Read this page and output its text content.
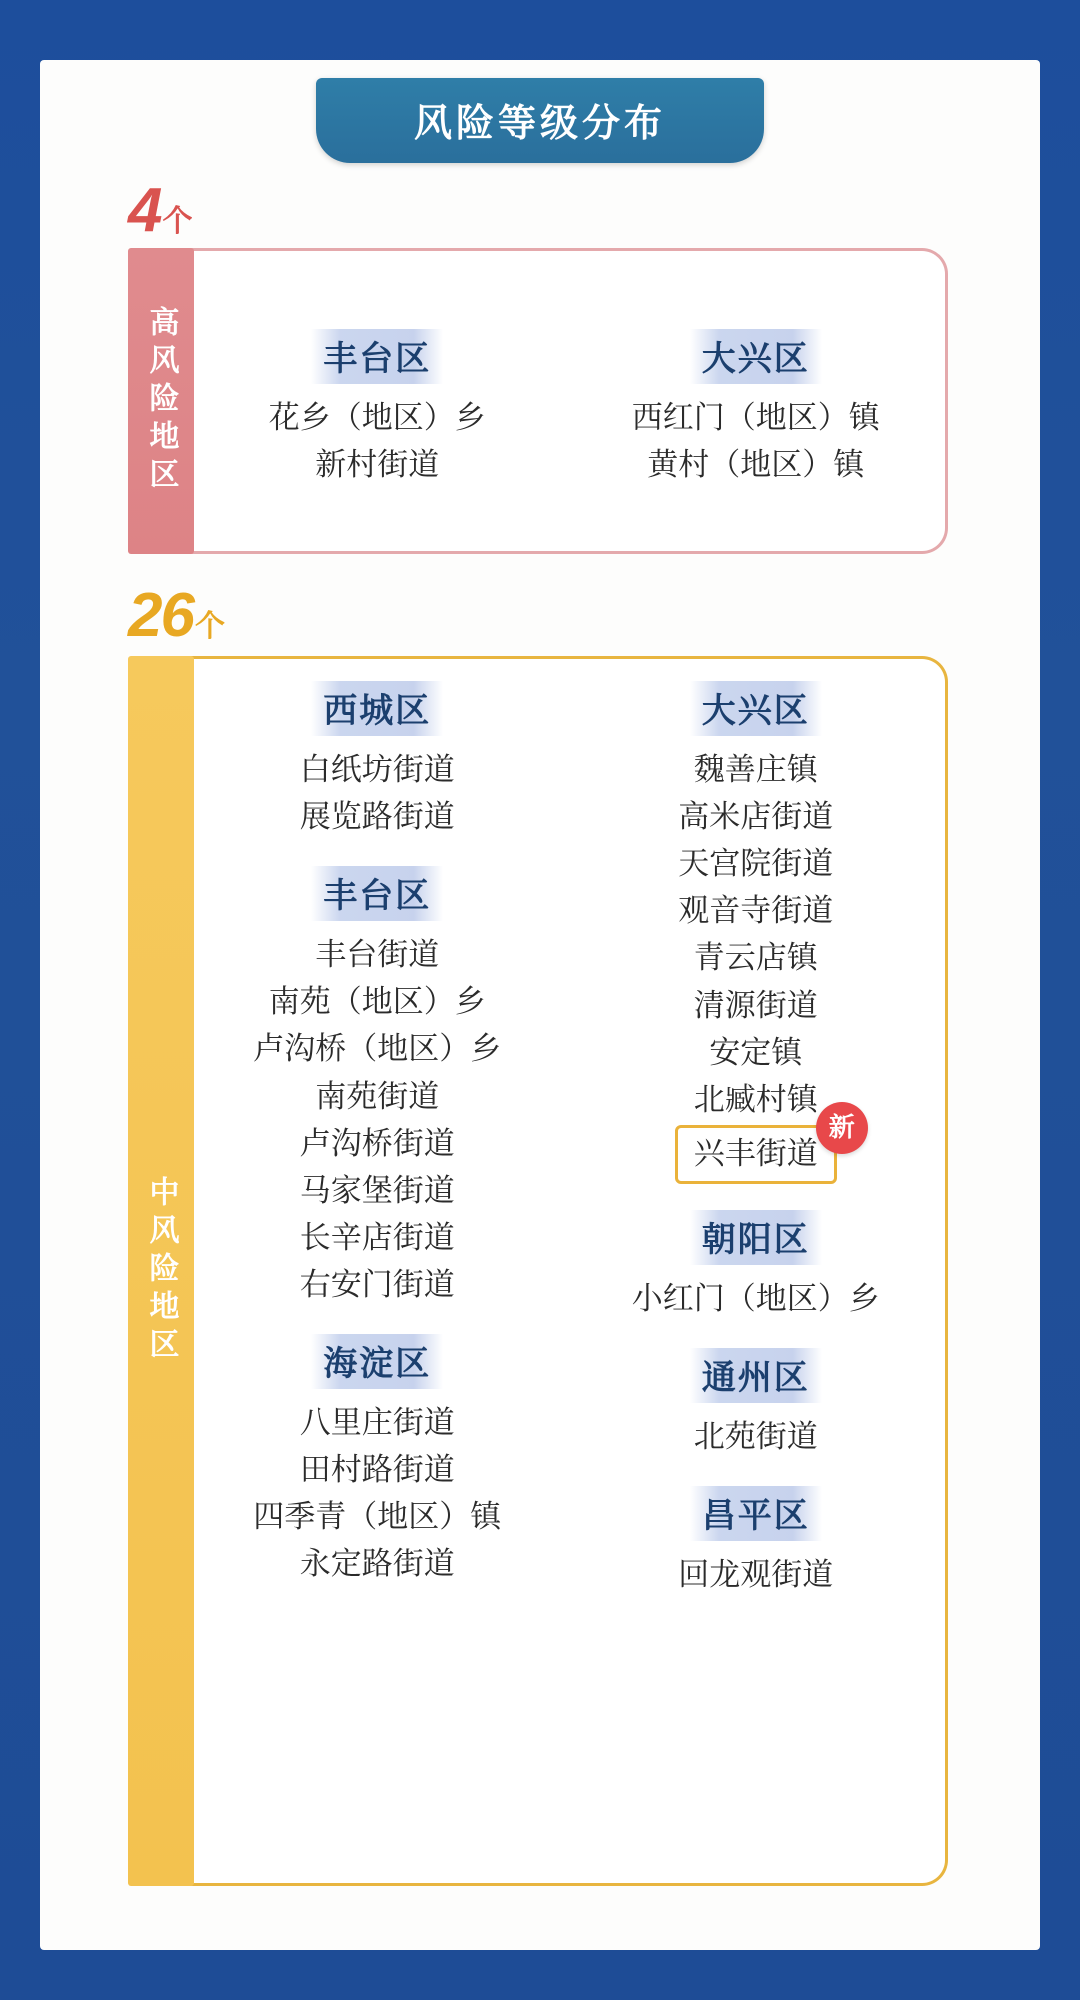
风险等级分布
4个
丰台区
花乡（地区）乡
新村街道
大兴区
西红门（地区）镇
黄村（地区）镇
高风险地区
26个
西城区
白纸坊街道
展览路街道
丰台区
丰台街道
南苑（地区）乡
卢沟桥（地区）乡
南苑街道
卢沟桥街道
马家堡街道
长辛店街道
右安门街道
海淀区
八里庄街道
田村路街道
四季青（地区）镇
永定路街道
大兴区
魏善庄镇
高米店街道
天宫院街道
观音寺街道
青云店镇
清源街道
安定镇
北臧村镇
兴丰街道
新
朝阳区
小红门（地区）乡
通州区
北苑街道
昌平区
回龙观街道
中风险地区
